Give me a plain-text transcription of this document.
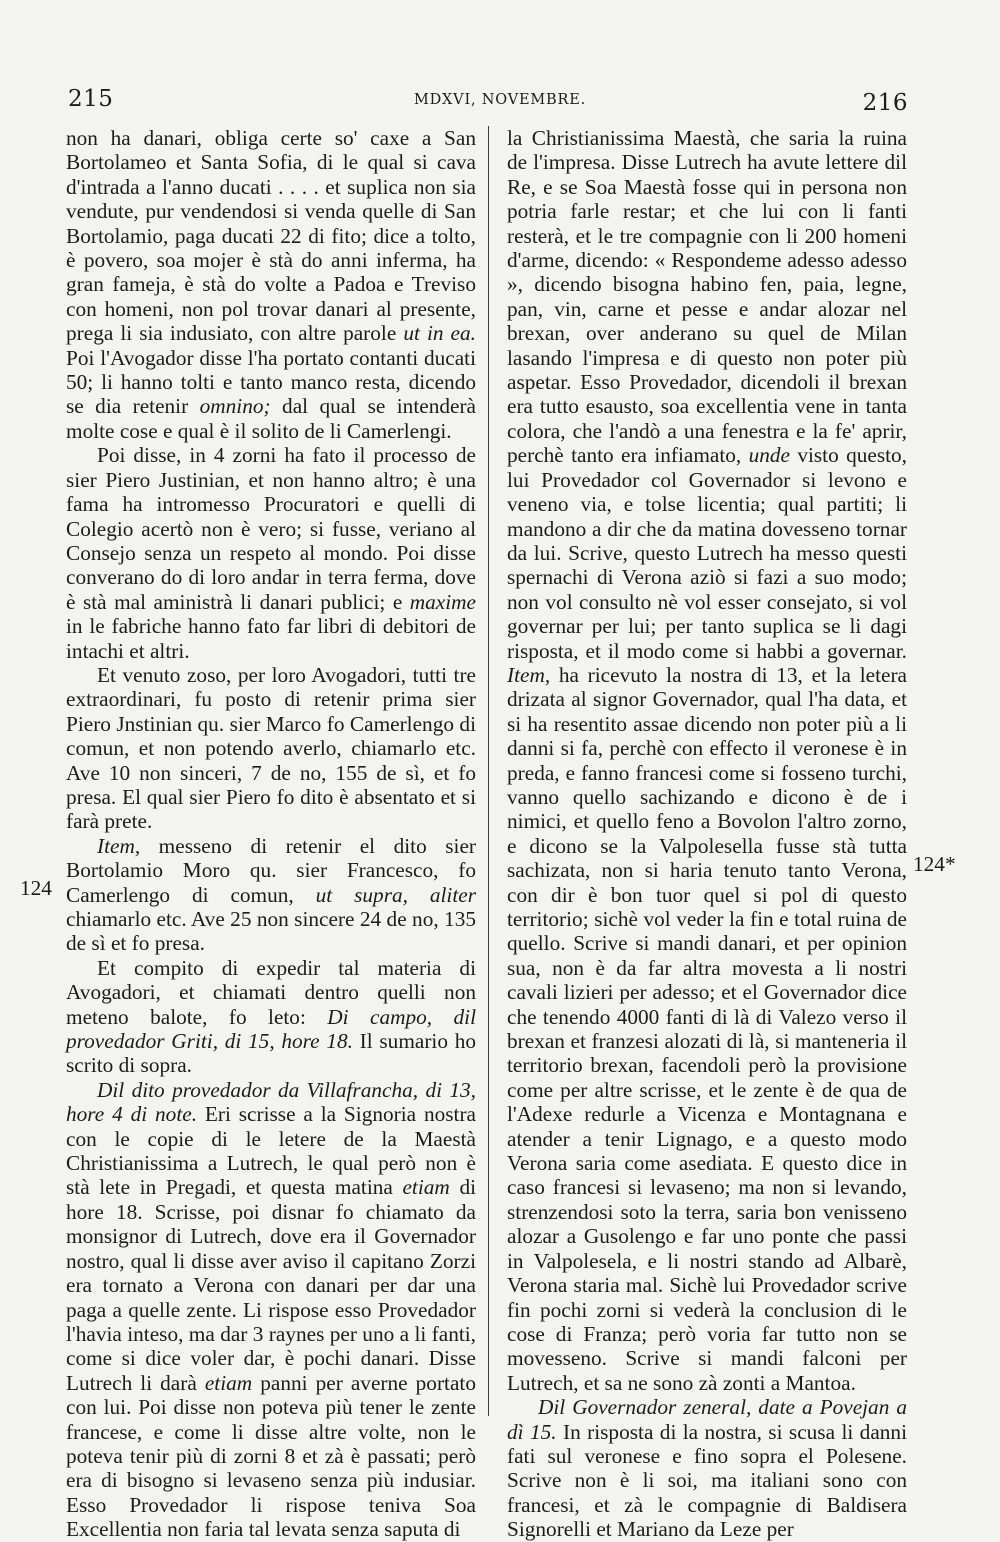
215	MDXVI, NOVEMBRE.	216

non ha danari, obliga certe so' caxe a San Bortolameo et Santa Sofia, di le qual si cava d'intrada a l'anno ducati . . . . et suplica non sia vendute, pur vendendosi si venda quelle di San Bortolamio, paga ducati 22 di fito; dice a tolto, è povero, soa mojer è stà do anni inferma, ha gran fameja, è stà do volte a Padoa e Treviso con homeni, non pol trovar danari al presente, prega li sia indusiato, con altre parole ut in ea. Poi l'Avogador disse l'ha portato contanti ducati 50; li hanno tolti e tanto manco resta, dicendo se dia retenir omnino; dal qual se intenderà molte cose e qual è il solito de li Camerlengi.

Poi disse, in 4 zorni ha fato il processo de sier Piero Justinian, et non hanno altro; è una fama ha intromesso Procuratori e quelli di Colegio acertò non è vero; si fusse, veriano al Consejo senza un respeto al mondo. Poi disse converano do di loro andar in terra ferma, dove è stà mal aministrà li danari publici; e maxime in le fabriche hanno fato far libri di debitori de intachi et altri.

Et venuto zoso, per loro Avogadori, tutti tre extraordinari, fu posto di retenir prima sier Piero Jnstinian qu. sier Marco fo Camerlengo di comun, et non potendo averlo, chiamarlo etc. Ave 10 non sinceri, 7 de no, 155 de sì, et fo presa. El qual sier Piero fo dito è absentato et si farà prete.

Item, messeno di retenir el dito sier Bortolamio Moro qu. sier Francesco, fo Camerlengo di comun, ut supra, aliter chiamarlo etc. Ave 25 non sincere 24 de no, 135 de sì et fo presa.

Et compito di expedir tal materia di Avogadori, et chiamati dentro quelli non meteno balote, fo leto: Di campo, dil provedador Griti, di 15, hore 18. Il sumario ho scrito di sopra.

Dil dito provedador da Villafrancha, di 13, hore 4 di note. Eri scrisse a la Signoria nostra con le copie di le letere de la Maestà Christianissima a Lutrech, le qual però non è stà lete in Pregadi, et questa matina etiam di hore 18. Scrisse, poi disnar fo chiamato da monsignor di Lutrech, dove era il Governador nostro, qual li disse aver aviso il capitano Zorzi era tornato a Verona con danari per dar una paga a quelle zente. Li rispose esso Provedador l'havia inteso, ma dar 3 raynes per uno a li fanti, come si dice voler dar, è pochi danari. Disse Lutrech li darà etiam panni per averne portato con lui. Poi disse non poteva più tener le zente francese, e come li disse altre volte, non le poteva tenir più di zorni 8 et zà è passati; però era di bisogno si levaseno senza più indusiar. Esso Provedador li rispose teniva Soa Excellentia non faria tal levata senza saputa di

la Christianissima Maestà, che saria la ruina de l'impresa. Disse Lutrech ha avute lettere dil Re, e se Soa Maestà fosse qui in persona non potria farle restar; et che lui con li fanti resterà, et le tre compagnie con li 200 homeni d'arme, dicendo: « Respondeme adesso adesso », dicendo bisogna habino fen, paia, legne, pan, vin, carne et pesse e andar alozar nel brexan, over anderano su quel de Milan lasando l'impresa e di questo non poter più aspetar. Esso Provedador, dicendoli il brexan era tutto esausto, soa excellentia vene in tanta colora, che l'andò a una fenestra e la fe' aprir, perchè tanto era infiamato, unde visto questo, lui Provedador col Governador si levono e veneno via, e tolse licentia; qual partiti; li mandono a dir che da matina dovesseno tornar da lui. Scrive, questo Lutrech ha messo questi spernachi di Verona aziò si fazi a suo modo; non vol consulto nè vol esser consejato, si vol governar per lui; per tanto suplica se li dagi risposta, et il modo come si habbi a governar. Item, ha ricevuto la nostra di 13, et la letera drizata al signor Governador, qual l'ha data, et si ha resentito assae dicendo non poter più a li danni si fa, perchè con effecto il veronese è in preda, e fanno francesi come si fosseno turchi, vanno quello sachizando e dicono è de i nimici, et quello feno a Bovolon l'altro zorno, e dicono se la Valpolesella fusse stà tutta sachizata, non si haria tenuto tanto Verona, con dir è bon tuor quel si pol di questo territorio; sichè vol veder la fin e total ruina de quello. Scrive si mandi danari, et per opinion sua, non è da far altra movesta a li nostri cavali lizieri per adesso; et el Governador dice che tenendo 4000 fanti di là di Valezo verso il brexan et franzesi alozati di là, si manteneria il territorio brexan, facendoli però la provisione come per altre scrisse, et le zente è de qua de l'Adexe redurle a Vicenza e Montagnana e atender a tenir Lignago, e a questo modo Verona saria come asediata. E questo dice in caso francesi si levaseno; ma non si levando, strenzendosi soto la terra, saria bon venisseno alozar a Gusolengo e far uno ponte che passi in Valpolesela, e li nostri stando ad Albarè, Verona staria mal. Sichè lui Provedador scrive fin pochi zorni si vederà la conclusion di le cose di Franza; però voria far tutto non se movesseno. Scrive si mandi falconi per Lutrech, et sa ne sono zà zonti a Mantoa.

Dil Governador zeneral, date a Povejan a dì 15. In risposta di la nostra, si scusa li danni fati sul veronese e fino sopra el Polesene. Scrive non è li soi, ma italiani sono con francesi, et zà le compagnie di Baldisera Signorelli et Mariano da Leze per

124
124*
